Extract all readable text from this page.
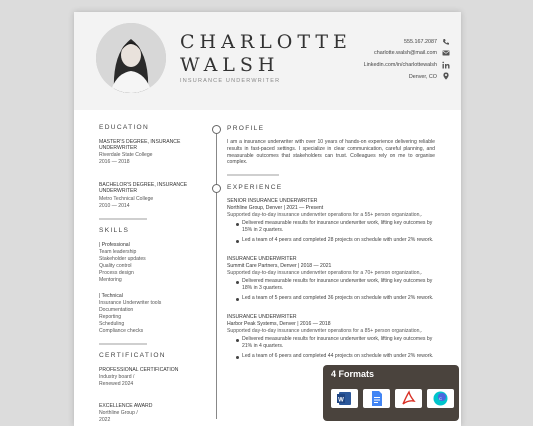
CHARLOTTE
WALSH
INSURANCE UNDERWRITER
555.167.2087
charlotte.walsh@mail.com
Linkedin.com/in/charlottewalsh
Denver, CO
EDUCATION
MASTER'S DEGREE, INSURANCE
UNDERWRITER
Riverdale State College
2016 — 2018
BACHELOR'S DEGREE, INSURANCE
UNDERWRITER
Metro Technical College
2010 — 2014
SKILLS
| Professional
Team leadership
Stakeholder updates
Quality control
Process design
Mentoring
| Technical
Insurance Underwriter tools
Documentation
Reporting
Scheduling
Compliance checks
CERTIFICATION
PROFESSIONAL CERTIFICATION
Industry board /
Renewed 2024
EXCELLENCE AWARD
Northline Group /
2022
PROFILE
I am a insurance underwriter with over 10 years of hands-on experience delivering reliable results in fast-paced settings. I specialize in clear communication, careful planning, and measurable outcomes that stakeholders can trust. Colleagues rely on me to organise complex.
EXPERIENCE
SENIOR INSURANCE UNDERWRITER
Northline Group, Denver | 2021 — Present
Supported day-to-day insurance underwriter operations for a 55+ person organization,.
Delivered measurable results for insurance underwriter work, lifting key outcomes by 15% in 2 quarters.
Led a team of 4 peers and completed 28 projects on schedule with under 2% rework.
INSURANCE UNDERWRITER
Summit Care Partners, Denver | 2018 — 2021
Supported day-to-day insurance underwriter operations for a 70+ person organization,.
Delivered measurable results for insurance underwriter work, lifting key outcomes by 18% in 3 quarters.
Led a team of 5 peers and completed 36 projects on schedule with under 2% rework.
INSURANCE UNDERWRITER
Harbor Peak Systems, Denver | 2016 — 2018
Supported day-to-day insurance underwriter operations for a 85+ person organization,.
Delivered measurable results for insurance underwriter work, lifting key outcomes by 21% in 4 quarters.
Led a team of 6 peers and completed 44 projects on schedule with under 2% rework.
4 Formats
W	C
